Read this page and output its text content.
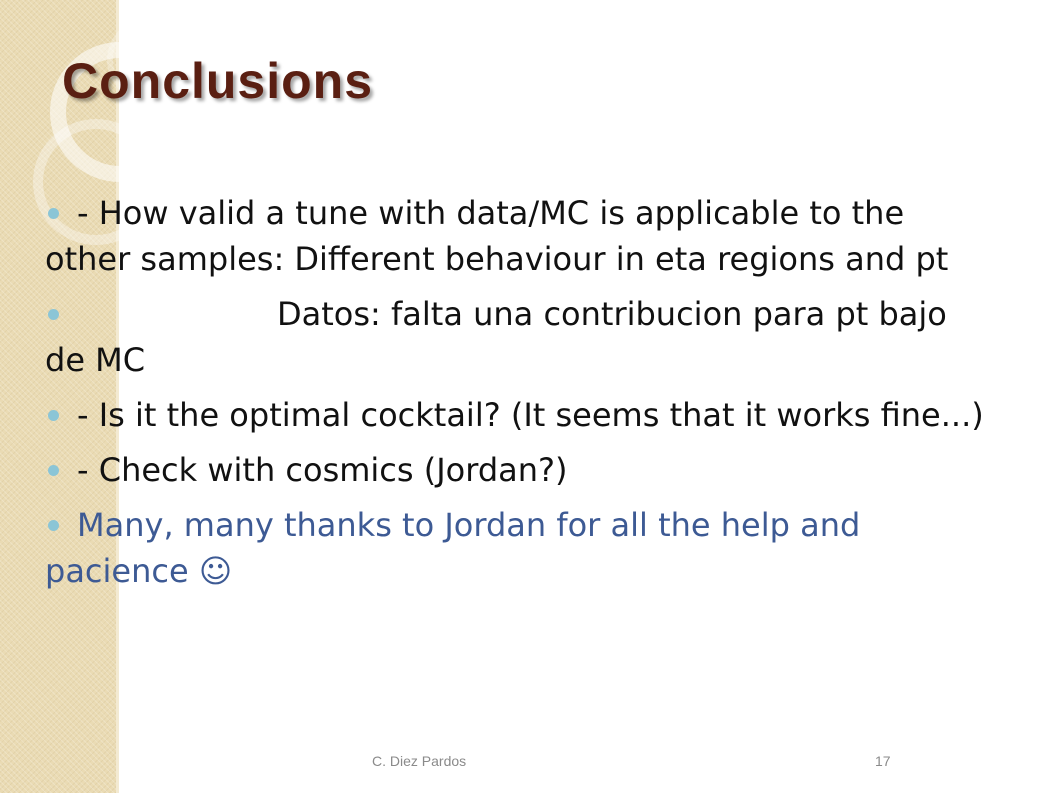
Conclusions
- How valid a tune with data/MC is applicable to the other samples: Different behaviour in eta regions and pt
Datos: falta una contribucion para pt bajo de MC
- Is it the optimal cocktail? (It seems that it works fine...)
- Check with cosmics (Jordan?)
Many, many thanks to Jordan for all the help and pacience ☺
C. Diez Pardos	17
